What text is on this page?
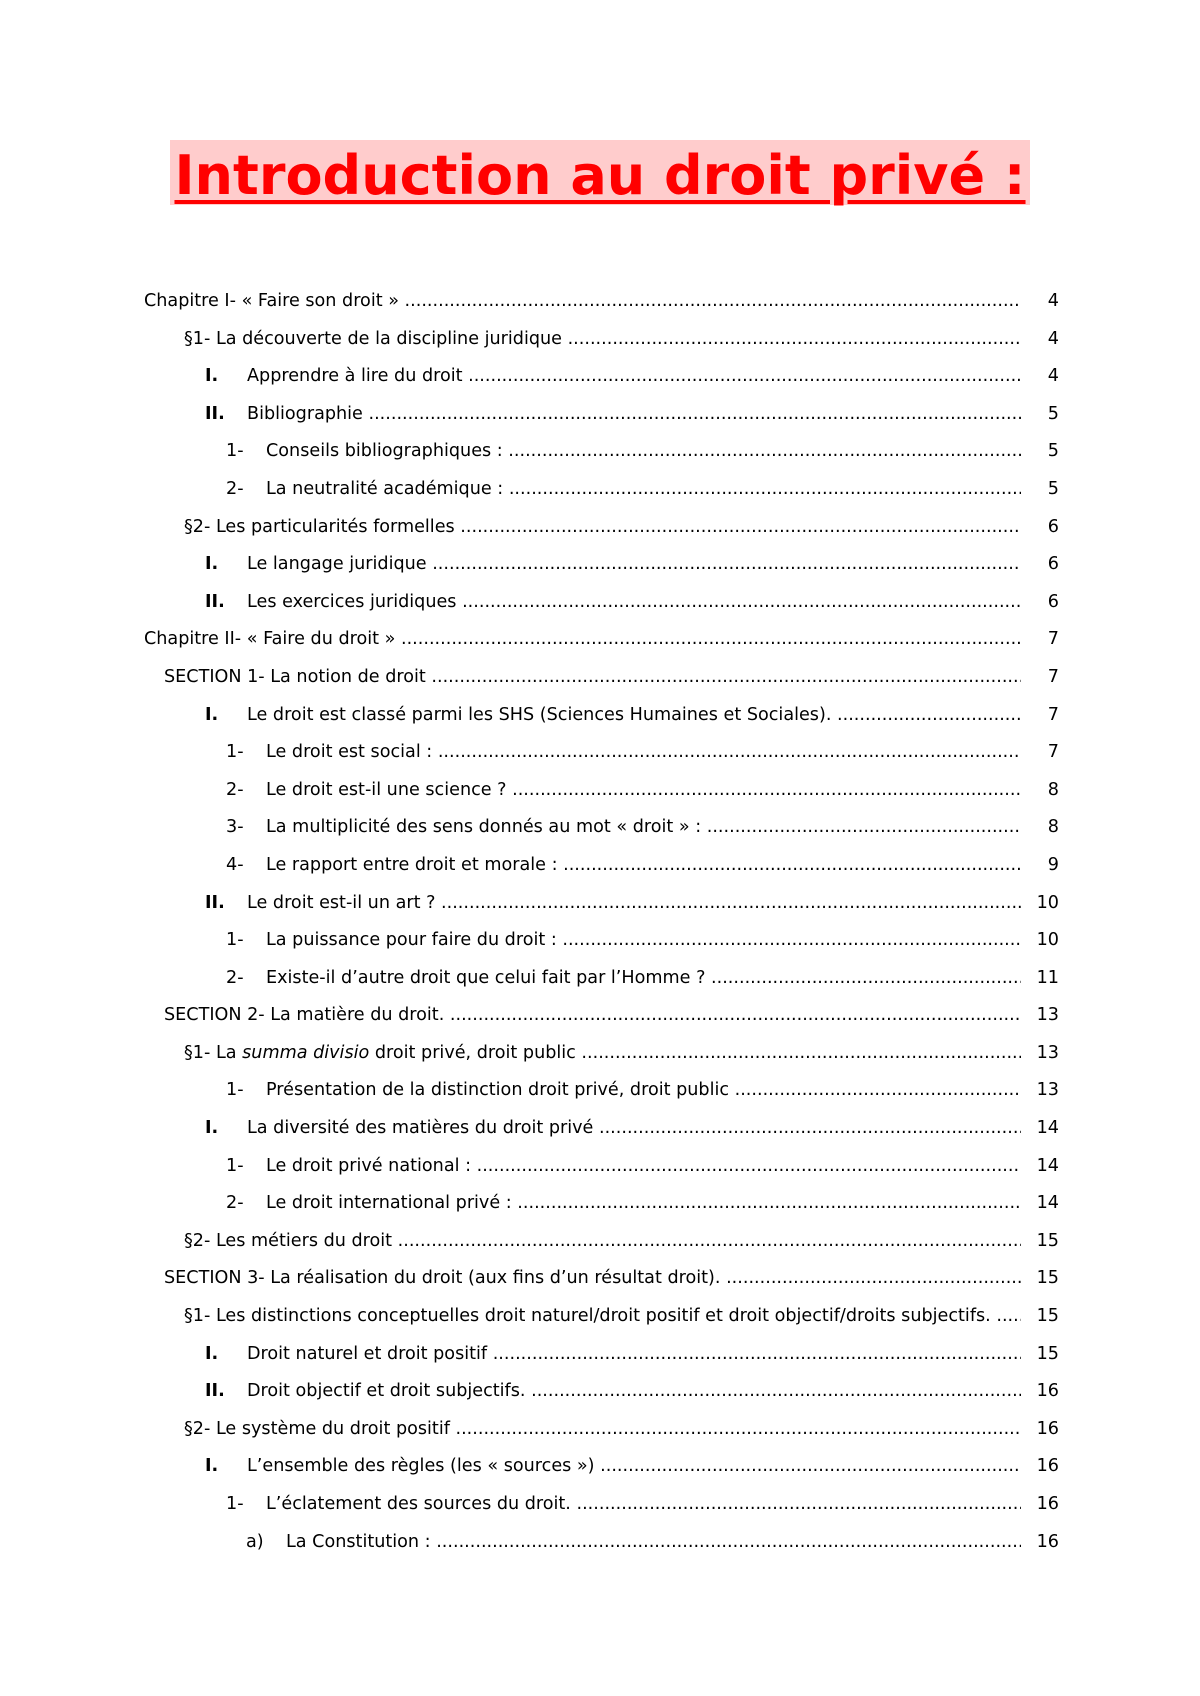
Introduction au droit privé :
Chapitre I- « Faire son droit » .....	4
§1- La découverte de la discipline juridique .....	4
I. Apprendre à lire du droit .....	4
II. Bibliographie .....	5
1- Conseils bibliographiques : .....	5
2- La neutralité académique : .....	5
§2- Les particularités formelles .....	6
I. Le langage juridique .....	6
II. Les exercices juridiques .....	6
Chapitre II- « Faire du droit » .....	7
SECTION 1- La notion de droit .....	7
I. Le droit est classé parmi les SHS (Sciences Humaines et Sociales). .....	7
1- Le droit est social : .....	7
2- Le droit est-il une science ? .....	8
3- La multiplicité des sens donnés au mot « droit » : .....	8
4- Le rapport entre droit et morale : .....	9
II. Le droit est-il un art ? .....	10
1- La puissance pour faire du droit : .....	10
2- Existe-il d’autre droit que celui fait par l’Homme ? .....	11
SECTION 2- La matière du droit. .....	13
§1- La summa divisio droit privé, droit public .....	13
1- Présentation de la distinction droit privé, droit public .....	13
I. La diversité des matières du droit privé .....	14
1- Le droit privé national : .....	14
2- Le droit international privé : .....	14
§2- Les métiers du droit .....	15
SECTION 3- La réalisation du droit (aux fins d’un résultat droit). .....	15
§1- Les distinctions conceptuelles droit naturel/droit positif et droit objectif/droits subjectifs. .....	15
I. Droit naturel et droit positif .....	15
II. Droit objectif et droit subjectifs. .....	16
§2- Le système du droit positif .....	16
I. L’ensemble des règles (les « sources ») .....	16
1- L’éclatement des sources du droit. .....	16
a) La Constitution : .....	16
